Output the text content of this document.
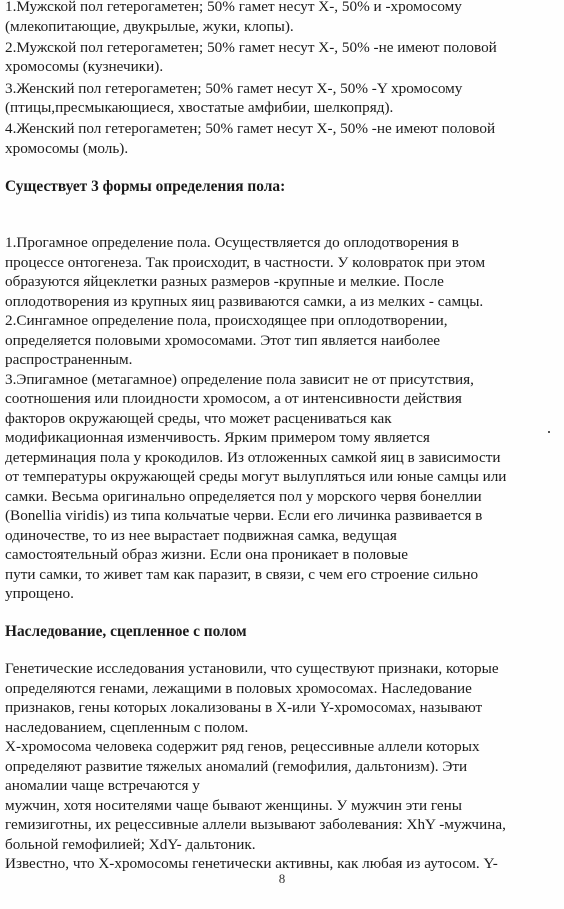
1.Мужской пол гетерогаметен; 50% гамет несут Х-, 50% и -хромосому
(млекопитающие, двукрылые, жуки, клопы).
2.Мужской пол гетерогаметен; 50% гамет несут Х-, 50% -не имеют половой
хромосомы (кузнечики).
3.Женский пол гетерогаметен; 50% гамет несут Х-, 50% -Y хромосому
(птицы,пресмыкающиеся, хвостатые амфибии, шелкопряд).
4.Женский пол гетерогаметен; 50% гамет несут Х-, 50% -не имеют половой
хромосомы (моль).
Существует 3 формы определения пола:
1.Прогамное определение пола. Осуществляется до оплодотворения в
процессе онтогенеза. Так происходит, в частности. У коловраток при этом
образуются яйцеклетки разных размеров -крупные и мелкие. После
оплодотворения из крупных яиц развиваются самки, а из мелких - самцы.
2.Сингамное определение пола, происходящее при оплодотворении,
определяется половыми хромосомами. Этот тип является наиболее
распространенным.
3.Эпигамное (метагамное) определение пола зависит не от присутствия,
соотношения или плоидности хромосом, а от интенсивности действия
факторов окружающей среды, что может расцениваться как
модификационная изменчивость. Ярким примером тому является
детерминация пола у крокодилов. Из отложенных самкой яиц в зависимости
от температуры окружающей среды могут вылупляться или юные самцы или
самки. Весьма оригинально определяется пол у морского червя бонеллии
(Bonellia viridis) из типа кольчатые черви. Если его личинка развивается в
одиночестве, то из нее вырастает подвижная самка, ведущая
самостоятельный образ жизни. Если она проникает в половые
пути самки, то живет там как паразит, в связи, с чем его строение сильно
упрощено.
Наследование, сцепленное с полом
Генетические исследования установили, что существуют признаки, которые
определяются генами, лежащими в половых хромосомах. Наследование
признаков, гены которых локализованы в Х-или Y-хромосомах, называют
наследованием, сцепленным с полом.
Х-хромосома человека содержит ряд генов, рецессивные аллели которых
определяют развитие тяжелых аномалий (гемофилия, дальтонизм). Эти
аномалии чаще встречаются у
мужчин, хотя носителями чаще бывают женщины. У мужчин эти гены
гемизиготны, их рецессивные аллели вызывают заболевания: XhY -мужчина,
больной гемофилией; XdY- дальтоник.
Известно, что Х-хромосомы генетически активны, как любая из аутосом. Y-
8
